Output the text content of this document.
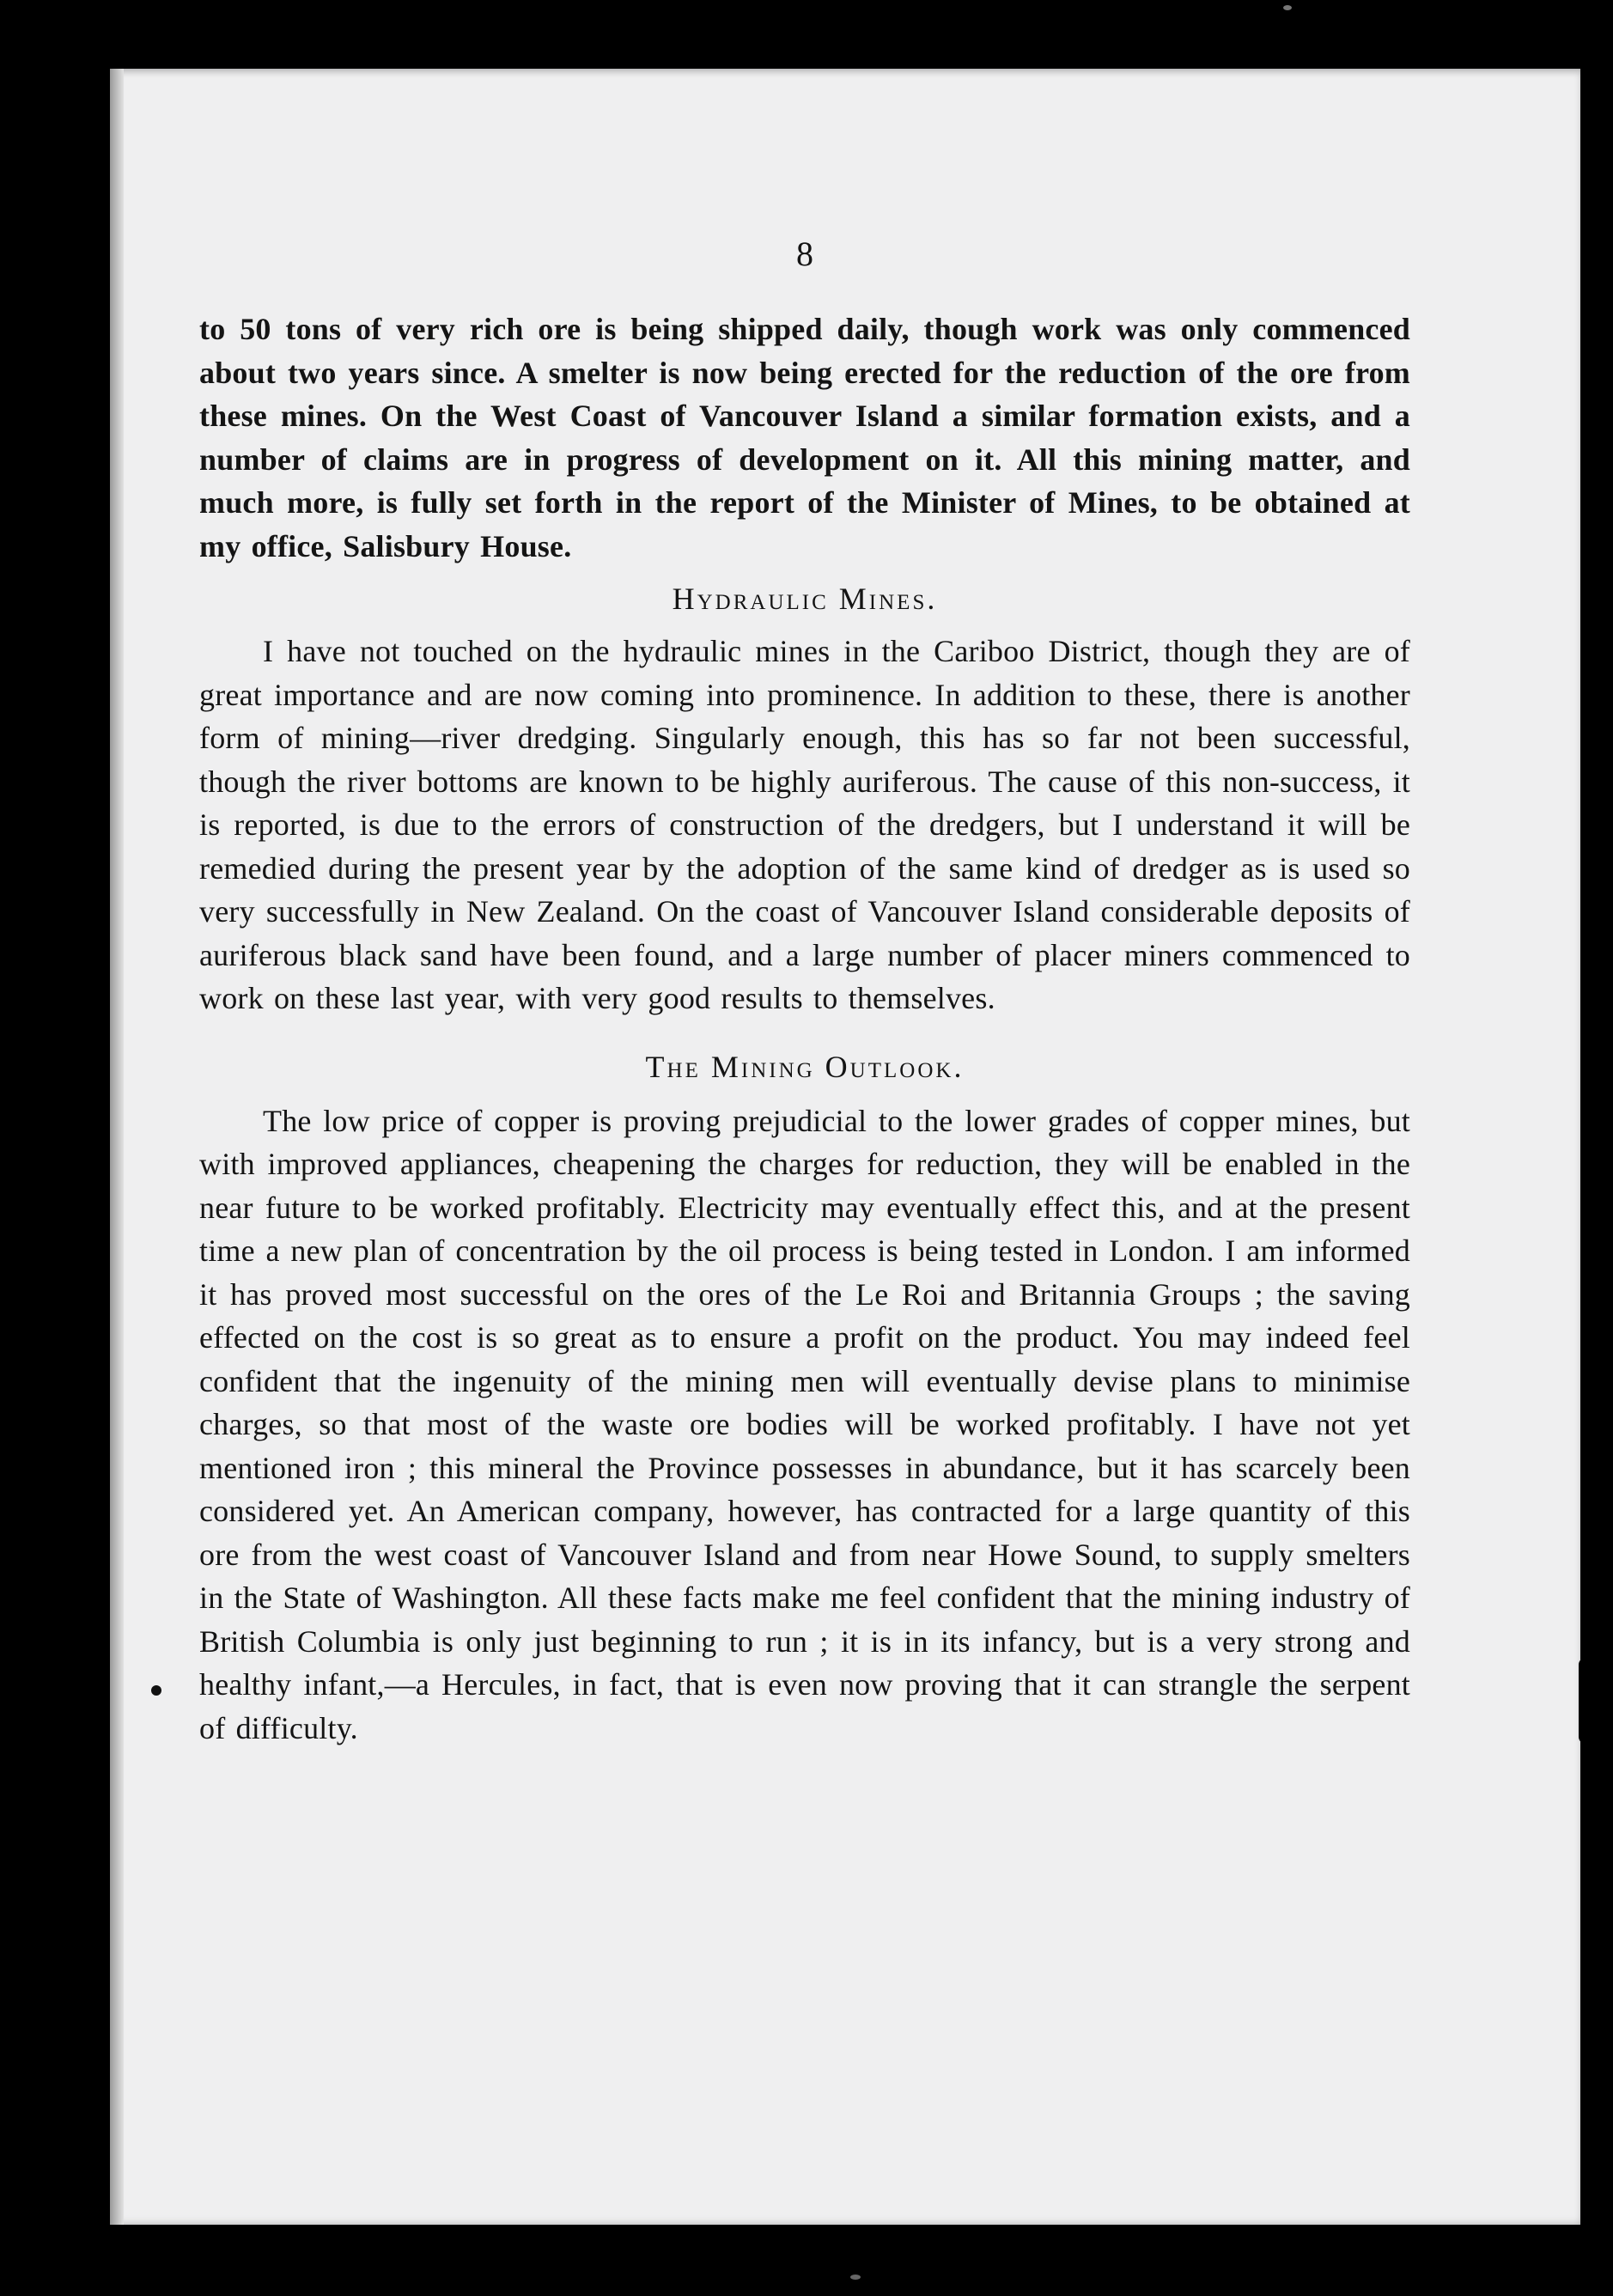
8

to 50 tons of very rich ore is being shipped daily, though work was only commenced about two years since. A smelter is now being erected for the reduction of the ore from these mines. On the West Coast of Vancouver Island a similar formation exists, and a number of claims are in progress of development on it. All this mining matter, and much more, is fully set forth in the report of the Minister of Mines, to be obtained at my office, Salisbury House.

Hydraulic Mines.

I have not touched on the hydraulic mines in the Cariboo District, though they are of great importance and are now coming into prominence. In addition to these, there is another form of mining—river dredging. Singularly enough, this has so far not been successful, though the river bottoms are known to be highly auriferous. The cause of this non-success, it is reported, is due to the errors of construction of the dredgers, but I understand it will be remedied during the present year by the adoption of the same kind of dredger as is used so very successfully in New Zealand. On the coast of Vancouver Island considerable deposits of auriferous black sand have been found, and a large number of placer miners commenced to work on these last year, with very good results to themselves.

The Mining Outlook.

The low price of copper is proving prejudicial to the lower grades of copper mines, but with improved appliances, cheapening the charges for reduction, they will be enabled in the near future to be worked profitably. Electricity may eventually effect this, and at the present time a new plan of concentration by the oil process is being tested in London. I am informed it has proved most successful on the ores of the Le Roi and Britannia Groups ; the saving effected on the cost is so great as to ensure a profit on the product. You may indeed feel confident that the ingenuity of the mining men will eventually devise plans to minimise charges, so that most of the waste ore bodies will be worked profitably. I have not yet mentioned iron ; this mineral the Province possesses in abundance, but it has scarcely been considered yet. An American company, however, has contracted for a large quantity of this ore from the west coast of Vancouver Island and from near Howe Sound, to supply smelters in the State of Washington. All these facts make me feel confident that the mining industry of British Columbia is only just beginning to run ; it is in its infancy, but is a very strong and healthy infant,—a Hercules, in fact, that is even now proving that it can strangle the serpent of difficulty.
